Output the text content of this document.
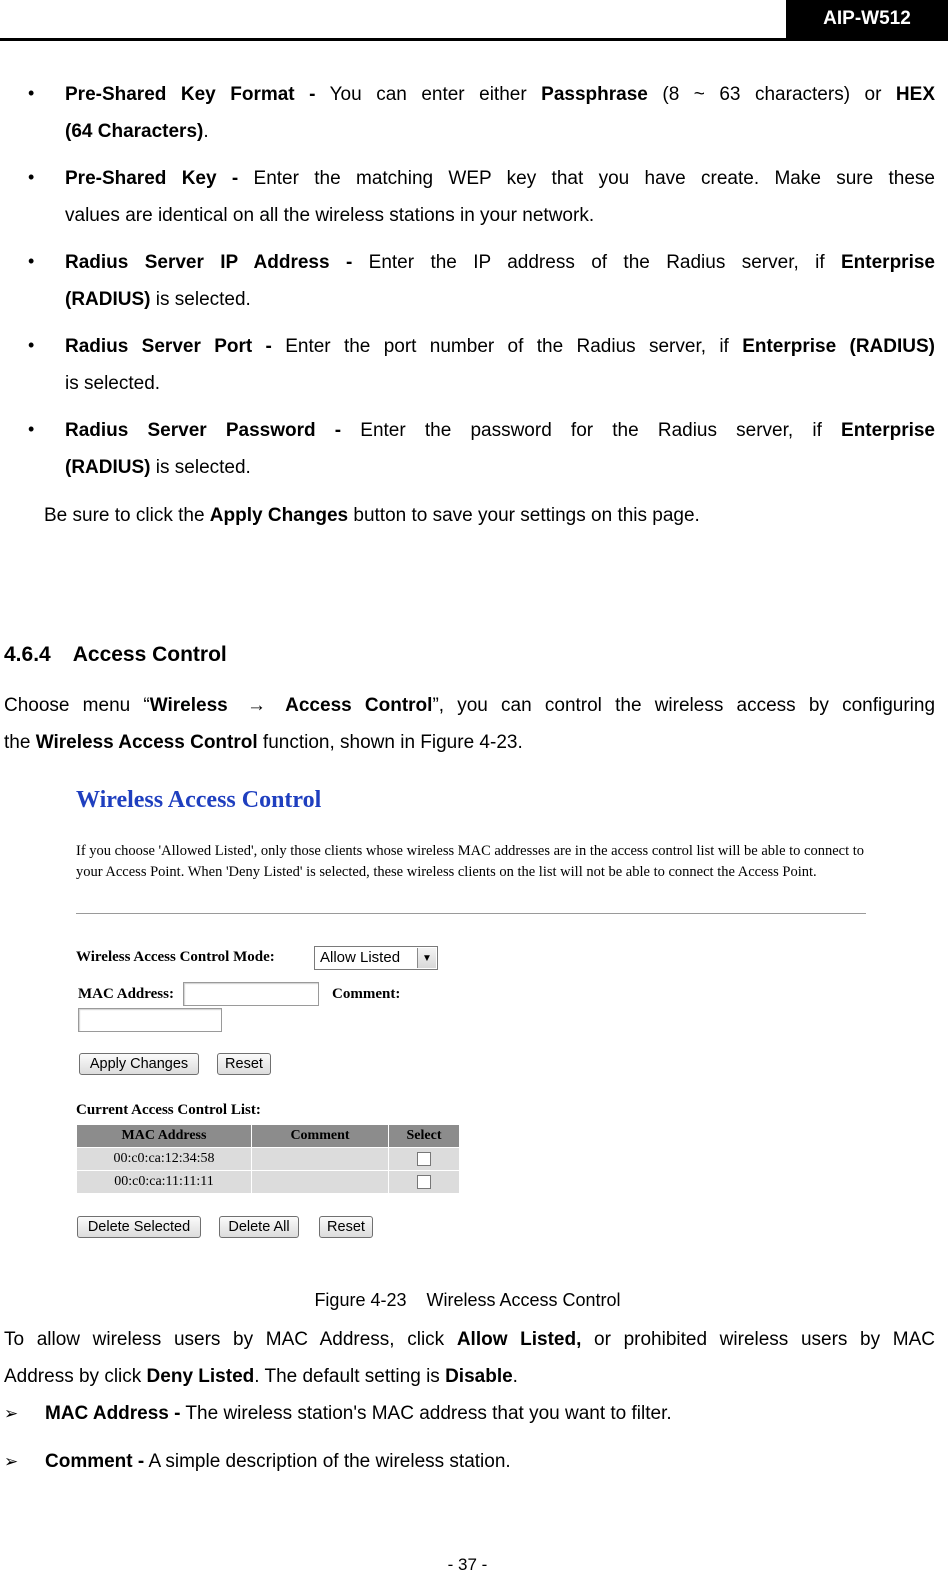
AIP-W512
• Pre-Shared Key Format - You can enter either Passphrase (8 ~ 63 characters) or HEX
(64 Characters).
• Pre-Shared Key - Enter the matching WEP key that you have create. Make sure these
values are identical on all the wireless stations in your network.
• Radius Server IP Address - Enter the IP address of the Radius server, if Enterprise
(RADIUS) is selected.
• Radius Server Port - Enter the port number of the Radius server, if Enterprise (RADIUS)
is selected.
• Radius Server Password - Enter the password for the Radius server, if Enterprise
(RADIUS) is selected.
Be sure to click the Apply Changes button to save your settings on this page.
4.6.4 Access Control
Choose menu “Wireless → Access Control”, you can control the wireless access by configuring
the Wireless Access Control function, shown in Figure 4-23.
Wireless Access Control
If you choose 'Allowed Listed', only those clients whose wireless MAC addresses are in the access control list will be able to connect to your Access Point. When 'Deny Listed' is selected, these wireless clients on the list will not be able to connect the Access Point.
Wireless Access Control Mode:	Allow Listed	▼
MAC Address:	Comment:
Apply Changes	Reset
Current Access Control List:
MAC Address	Comment	Select
00:c0:ca:12:34:58		
00:c0:ca:11:11:11		
Delete Selected	Delete All	Reset
Figure 4-23    Wireless Access Control
To allow wireless users by MAC Address, click Allow Listed, or prohibited wireless users by MAC
Address by click Deny Listed. The default setting is Disable.
➢ MAC Address - The wireless station's MAC address that you want to filter.
➢ Comment - A simple description of the wireless station.
- 37 -
